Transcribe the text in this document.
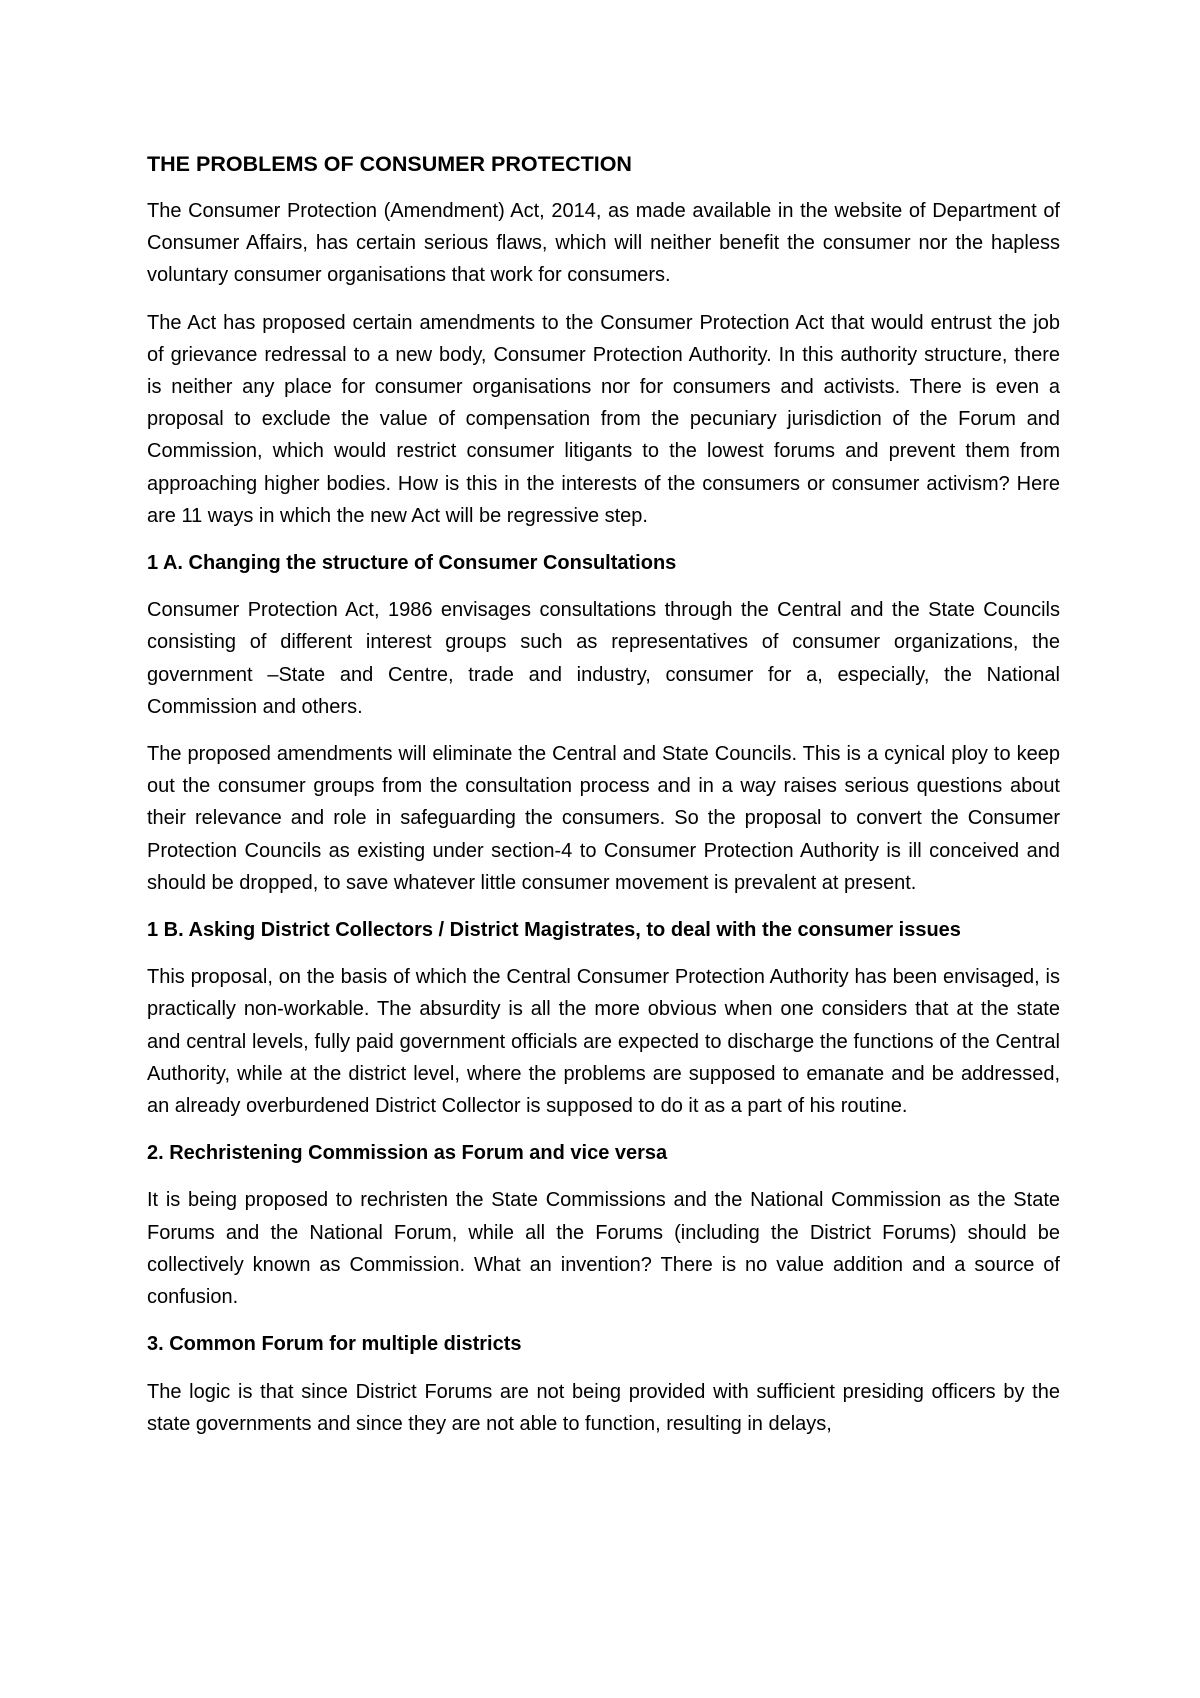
THE PROBLEMS OF CONSUMER PROTECTION

The Consumer Protection (Amendment) Act, 2014, as made available in the website of Department of Consumer Affairs, has certain serious flaws, which will neither benefit the consumer nor the hapless voluntary consumer organisations that work for consumers.

The Act has proposed certain amendments to the Consumer Protection Act that would entrust the job of grievance redressal to a new body, Consumer Protection Authority. In this authority structure, there is neither any place for consumer organisations nor for consumers and activists. There is even a proposal to exclude the value of compensation from the pecuniary jurisdiction of the Forum and Commission, which would restrict consumer litigants to the lowest forums and prevent them from approaching higher bodies. How is this in the interests of the consumers or consumer activism? Here are 11 ways in which the new Act will be regressive step.

1 A. Changing the structure of Consumer Consultations

Consumer Protection Act, 1986 envisages consultations through the Central and the State Councils consisting of different interest groups such as representatives of consumer organizations, the government –State and Centre, trade and industry, consumer for a, especially, the National Commission and others.

The proposed amendments will eliminate the Central and State Councils. This is a cynical ploy to keep out the consumer groups from the consultation process and in a way raises serious questions about their relevance and role in safeguarding the consumers. So the proposal to convert the Consumer Protection Councils as existing under section-4 to Consumer Protection Authority is ill conceived and should be dropped, to save whatever little consumer movement is prevalent at present.

1 B. Asking District Collectors / District Magistrates, to deal with the consumer issues

This proposal, on the basis of which the Central Consumer Protection Authority has been envisaged, is practically non-workable. The absurdity is all the more obvious when one considers that at the state and central levels, fully paid government officials are expected to discharge the functions of the Central Authority, while at the district level, where the problems are supposed to emanate and be addressed, an already overburdened District Collector is supposed to do it as a part of his routine.

2. Rechristening Commission as Forum and vice versa

It is being proposed to rechristen the State Commissions and the National Commission as the State Forums and the National Forum, while all the Forums (including the District Forums) should be collectively known as Commission. What an invention? There is no value addition and a source of confusion.

3. Common Forum for multiple districts

The logic is that since District Forums are not being provided with sufficient presiding officers by the state governments and since they are not able to function, resulting in delays,
